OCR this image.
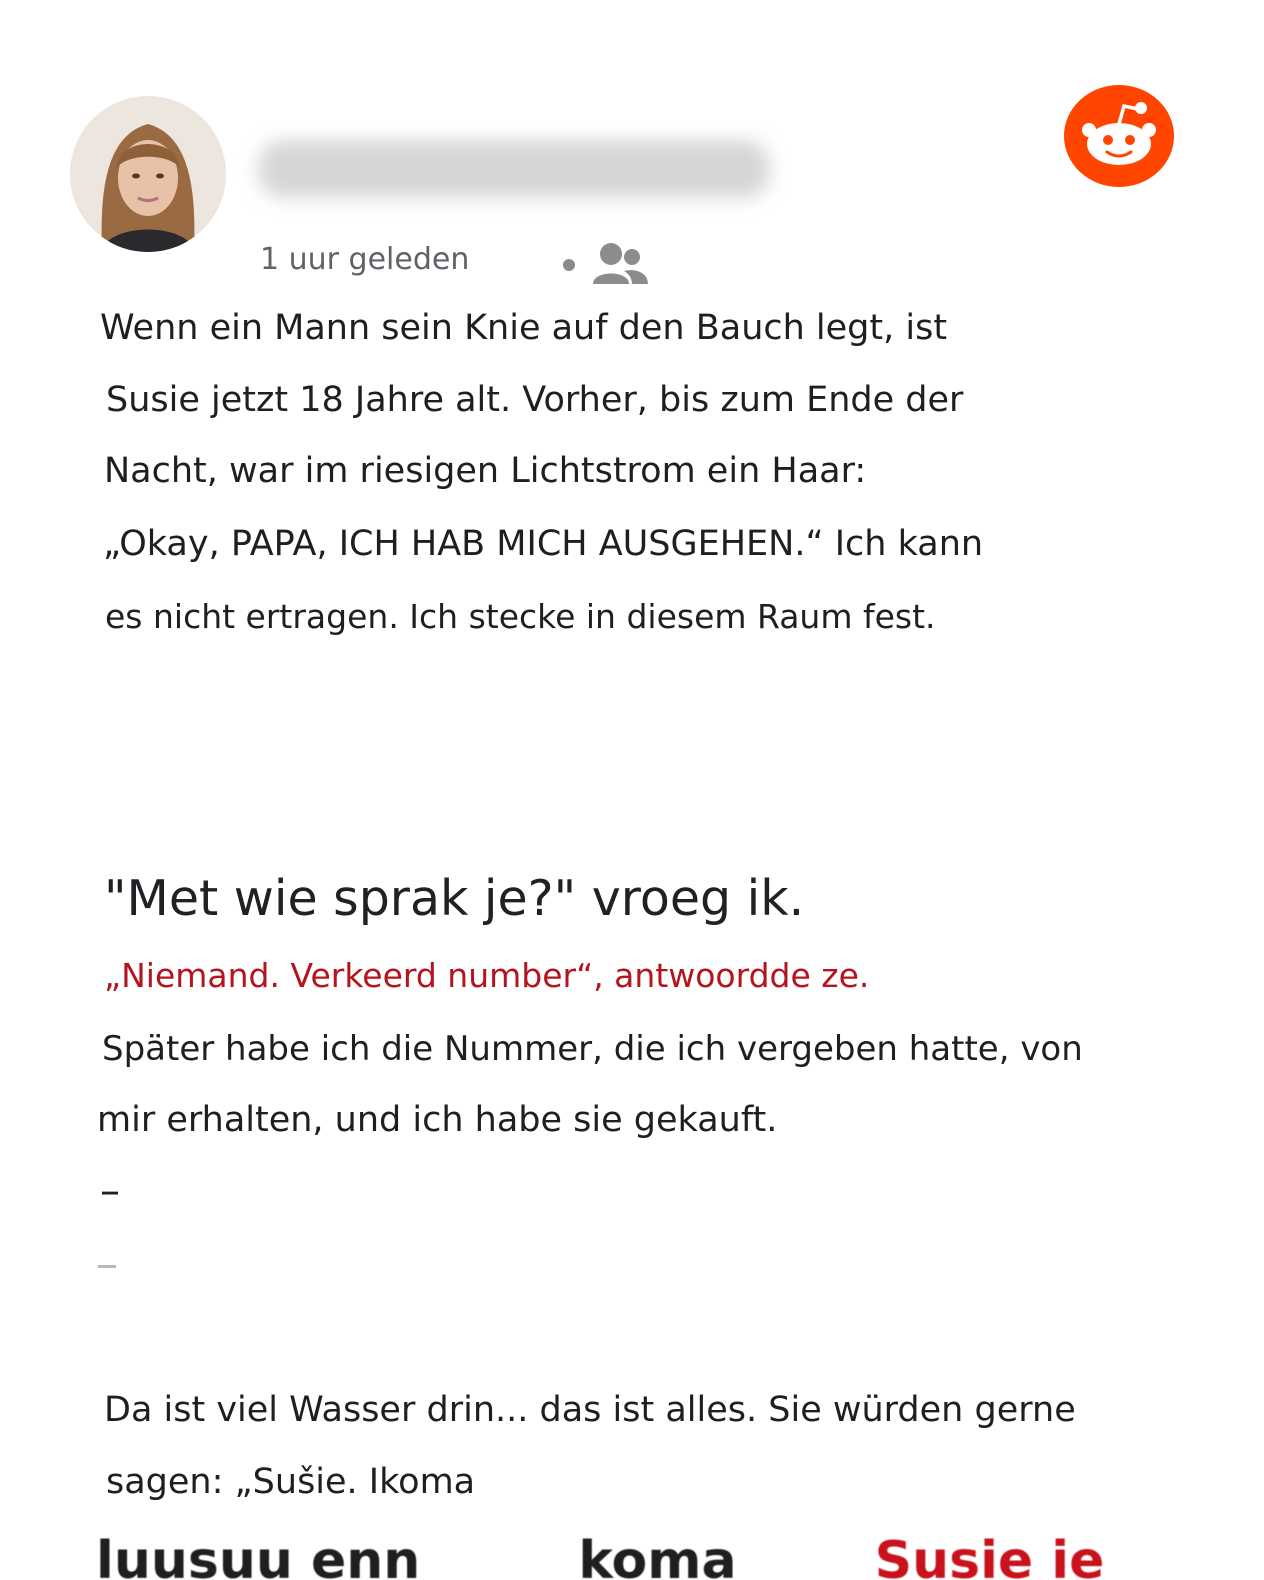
1 uur geleden
Wenn ein Mann sein Knie auf den Bauch legt, ist
Susie jetzt 18 Jahre alt. Vorher, bis zum Ende der
Nacht, war im riesigen Lichtstrom ein Haar:
„Okay, PAPA, ICH HAB MICH AUSGEHEN.“ Ich kann
es nicht ertragen. Ich stecke in diesem Raum fest.
"Met wie sprak je?" vroeg ik.
„Niemand. Verkeerd number“, antwoordde ze.
Später habe ich die Nummer, die ich vergeben hatte, von
mir erhalten, und ich habe sie gekauft.
–
Da ist viel Wasser drin... das ist alles. Sie würden gerne
sagen: „Sušie. Ikoma
luusuu enn	koma	Susie ie
